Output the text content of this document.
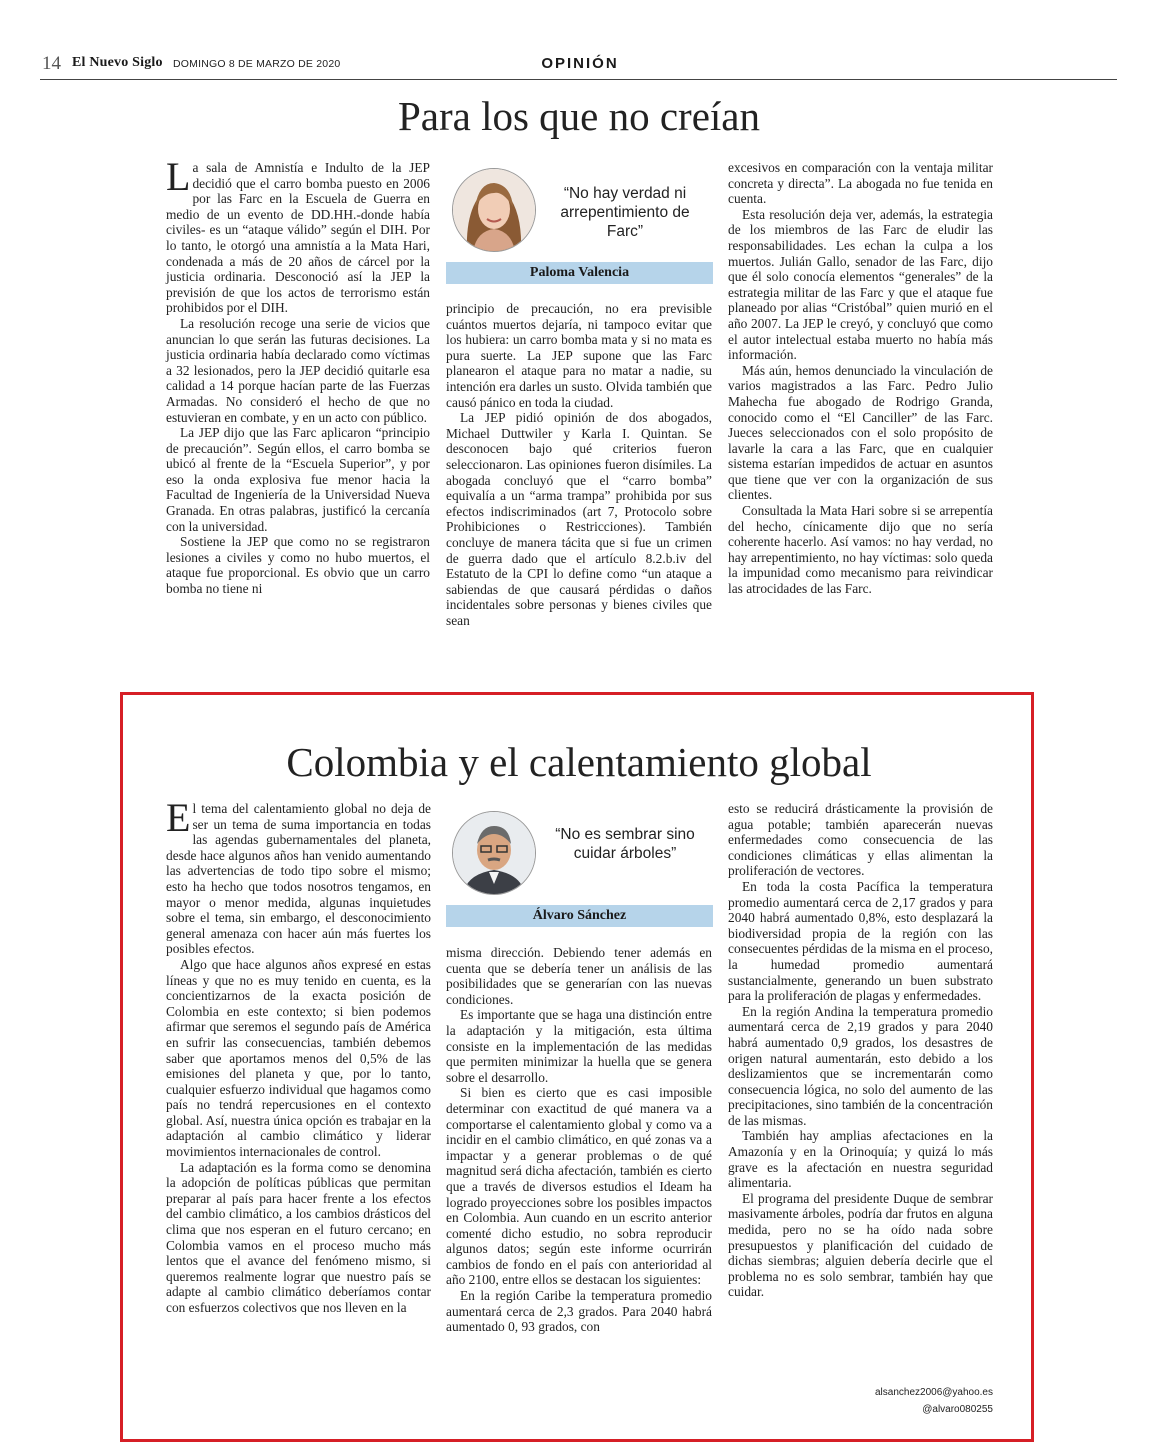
14 El Nuevo Siglo DOMINGO 8 DE MARZO DE 2020	OPINIÓN
Para los que no creían

La sala de Amnistía e Indulto de la JEP decidió que el carro bomba puesto en 2006 por las Farc en la Escuela de Guerra en medio de un evento de DD.HH.-donde había civiles- es un “ataque válido” según el DIH. Por lo tanto, le otorgó una amnistía a la Mata Hari, condenada a más de 20 años de cárcel por la justicia ordinaria. Desconoció así la JEP la previsión de que los actos de terrorismo están prohibidos por el DIH.

La resolución recoge una serie de vicios que anuncian lo que serán las futuras decisiones. La justicia ordinaria había declarado como víctimas a 32 lesionados, pero la JEP decidió quitarle esa calidad a 14 porque hacían parte de las Fuerzas Armadas. No consideró el hecho de que no estuvieran en combate, y en un acto con público.

La JEP dijo que las Farc aplicaron “principio de precaución”. Según ellos, el carro bomba se ubicó al frente de la “Escuela Superior”, y por eso la onda explosiva fue menor hacia la Facultad de Ingeniería de la Universidad Nueva Granada. En otras palabras, justificó la cercanía con la universidad.

Sostiene la JEP que como no se registraron lesiones a civiles y como no hubo muertos, el ataque fue proporcional. Es obvio que un carro bomba no tiene ni

“No hay verdad ni arrepentimiento de Farc”
Paloma Valencia

principio de precaución, no era previsible cuántos muertos dejaría, ni tampoco evitar que los hubiera: un carro bomba mata y si no mata es pura suerte. La JEP supone que las Farc planearon el ataque para no matar a nadie, su intención era darles un susto. Olvida también que causó pánico en toda la ciudad.

La JEP pidió opinión de dos abogados, Michael Duttwiler y Karla I. Quintan. Se desconocen bajo qué criterios fueron seleccionaron. Las opiniones fueron disímiles. La abogada concluyó que el “carro bomba” equivalía a un “arma trampa” prohibida por sus efectos indiscriminados (art 7, Protocolo sobre Prohibiciones o Restricciones). También concluye de manera tácita que si fue un crimen de guerra dado que el artículo 8.2.b.iv del Estatuto de la CPI lo define como “un ataque a sabiendas de que causará pérdidas o daños incidentales sobre personas y bienes civiles que sean

excesivos en comparación con la ventaja militar concreta y directa”. La abogada no fue tenida en cuenta.

Esta resolución deja ver, además, la estrategia de los miembros de las Farc de eludir las responsabilidades. Les echan la culpa a los muertos. Julián Gallo, senador de las Farc, dijo que él solo conocía elementos “generales” de la estrategia militar de las Farc y que el ataque fue planeado por alias “Cristóbal” quien murió en el año 2007. La JEP le creyó, y concluyó que como el autor intelectual estaba muerto no había más información.

Más aún, hemos denunciado la vinculación de varios magistrados a las Farc. Pedro Julio Mahecha fue abogado de Rodrigo Granda, conocido como el “El Canciller” de las Farc. Jueces seleccionados con el solo propósito de lavarle la cara a las Farc, que en cualquier sistema estarían impedidos de actuar en asuntos que tiene que ver con la organización de sus clientes.

Consultada la Mata Hari sobre si se arrepentía del hecho, cínicamente dijo que no sería coherente hacerlo. Así vamos: no hay verdad, no hay arrepentimiento, no hay víctimas: solo queda la impunidad como mecanismo para reivindicar las atrocidades de las Farc.

Colombia y el calentamiento global

El tema del calentamiento global no deja de ser un tema de suma importancia en todas las agendas gubernamentales del planeta, desde hace algunos años han venido aumentando las advertencias de todo tipo sobre el mismo; esto ha hecho que todos nosotros tengamos, en mayor o menor medida, algunas inquietudes sobre el tema, sin embargo, el desconocimiento general amenaza con hacer aún más fuertes los posibles efectos.

Algo que hace algunos años expresé en estas líneas y que no es muy tenido en cuenta, es la concientizarnos de la exacta posición de Colombia en este contexto; si bien podemos afirmar que seremos el segundo país de América en sufrir las consecuencias, también debemos saber que aportamos menos del 0,5% de las emisiones del planeta y que, por lo tanto, cualquier esfuerzo individual que hagamos como país no tendrá repercusiones en el contexto global. Así, nuestra única opción es trabajar en la adaptación al cambio climático y liderar movimientos internacionales de control.

La adaptación es la forma como se denomina la adopción de políticas públicas que permitan preparar al país para hacer frente a los efectos del cambio climático, a los cambios drásticos del clima que nos esperan en el futuro cercano; en Colombia vamos en el proceso mucho más lentos que el avance del fenómeno mismo, si queremos realmente lograr que nuestro país se adapte al cambio climático deberíamos contar con esfuerzos colectivos que nos lleven en la

“No es sembrar sino cuidar árboles”
Álvaro Sánchez

misma dirección. Debiendo tener además en cuenta que se debería tener un análisis de las posibilidades que se generarían con las nuevas condiciones.

Es importante que se haga una distinción entre la adaptación y la mitigación, esta última consiste en la implementación de las medidas que permiten minimizar la huella que se genera sobre el desarrollo.

Si bien es cierto que es casi imposible determinar con exactitud de qué manera va a comportarse el calentamiento global y como va a incidir en el cambio climático, en qué zonas va a impactar y a generar problemas o de qué magnitud será dicha afectación, también es cierto que a través de diversos estudios el Ideam ha logrado proyecciones sobre los posibles impactos en Colombia. Aun cuando en un escrito anterior comenté dicho estudio, no sobra reproducir algunos datos; según este informe ocurrirán cambios de fondo en el país con anterioridad al año 2100, entre ellos se destacan los siguientes:

En la región Caribe la temperatura promedio aumentará cerca de 2,3 grados. Para 2040 habrá aumentado 0, 93 grados, con

esto se reducirá drásticamente la provisión de agua potable; también aparecerán nuevas enfermedades como consecuencia de las condiciones climáticas y ellas alimentan la proliferación de vectores.

En toda la costa Pacífica la temperatura promedio aumentará cerca de 2,17 grados y para 2040 habrá aumentado 0,8%, esto desplazará la biodiversidad propia de la región con las consecuentes pérdidas de la misma en el proceso, la humedad promedio aumentará sustancialmente, generando un buen substrato para la proliferación de plagas y enfermedades.

En la región Andina la temperatura promedio aumentará cerca de 2,19 grados y para 2040 habrá aumentado 0,9 grados, los desastres de origen natural aumentarán, esto debido a los deslizamientos que se incrementarán como consecuencia lógica, no solo del aumento de las precipitaciones, sino también de la concentración de las mismas.

También hay amplias afectaciones en la Amazonía y en la Orinoquía; y quizá lo más grave es la afectación en nuestra seguridad alimentaria.

El programa del presidente Duque de sembrar masivamente árboles, podría dar frutos en alguna medida, pero no se ha oído nada sobre presupuestos y planificación del cuidado de dichas siembras; alguien debería decirle que el problema no es solo sembrar, también hay que cuidar.

alsanchez2006@yahoo.es
@alvaro080255
